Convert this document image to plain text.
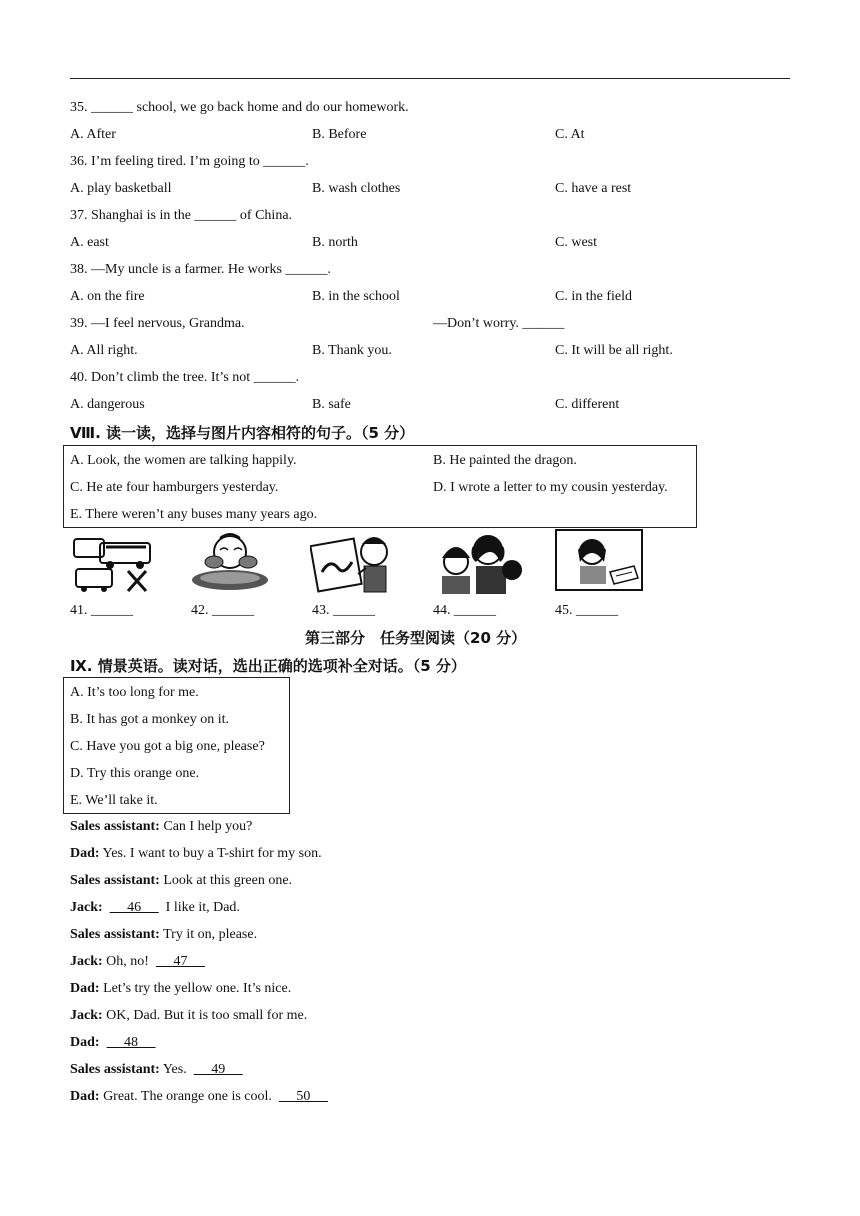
35. ______ school, we go back home and do our homework.
A. After	B. Before	C. At
36. I’m feeling tired. I’m going to ______.
A. play basketball	B. wash clothes	C. have a rest
37. Shanghai is in the ______ of China.
A. east	B. north	C. west
38. —My uncle is a farmer. He works ______.
A. on the fire	B. in the school	C. in the field
39. —I feel nervous, Grandma.	—Don’t worry. ______
A. All right.	B. Thank you.	C. It will be all right.
40. Don’t climb the tree. It’s not ______.
A. dangerous	B. safe	C. different
Ⅷ. 读一读，选择与图片内容相符的句子。（5 分）
A. Look, the women are talking happily.	B. He painted the dragon.
C. He ate four hamburgers yesterday.	D. I wrote a letter to my cousin yesterday.
E. There weren’t any buses many years ago.
41. ______	42. ______	43. ______	44. ______	45. ______
第三部分　任务型阅读（20 分）
Ⅸ. 情景英语。读对话，选出正确的选项补全对话。（5 分）
A. It’s too long for me.
B. It has got a monkey on it.
C. Have you got a big one, please?
D. Try this orange one.
E. We’ll take it.
Sales assistant: Can I help you?
Dad: Yes. I want to buy a T-shirt for my son.
Sales assistant: Look at this green one.
Jack:  　 46　   I like it, Dad.
Sales assistant: Try it on, please.
Jack: Oh, no!  　 47　
Dad: Let’s try the yellow one. It’s nice.
Jack: OK, Dad. But it is too small for me.
Dad:  　 48　
Sales assistant: Yes.  　 49　
Dad: Great. The orange one is cool.  　 50　
